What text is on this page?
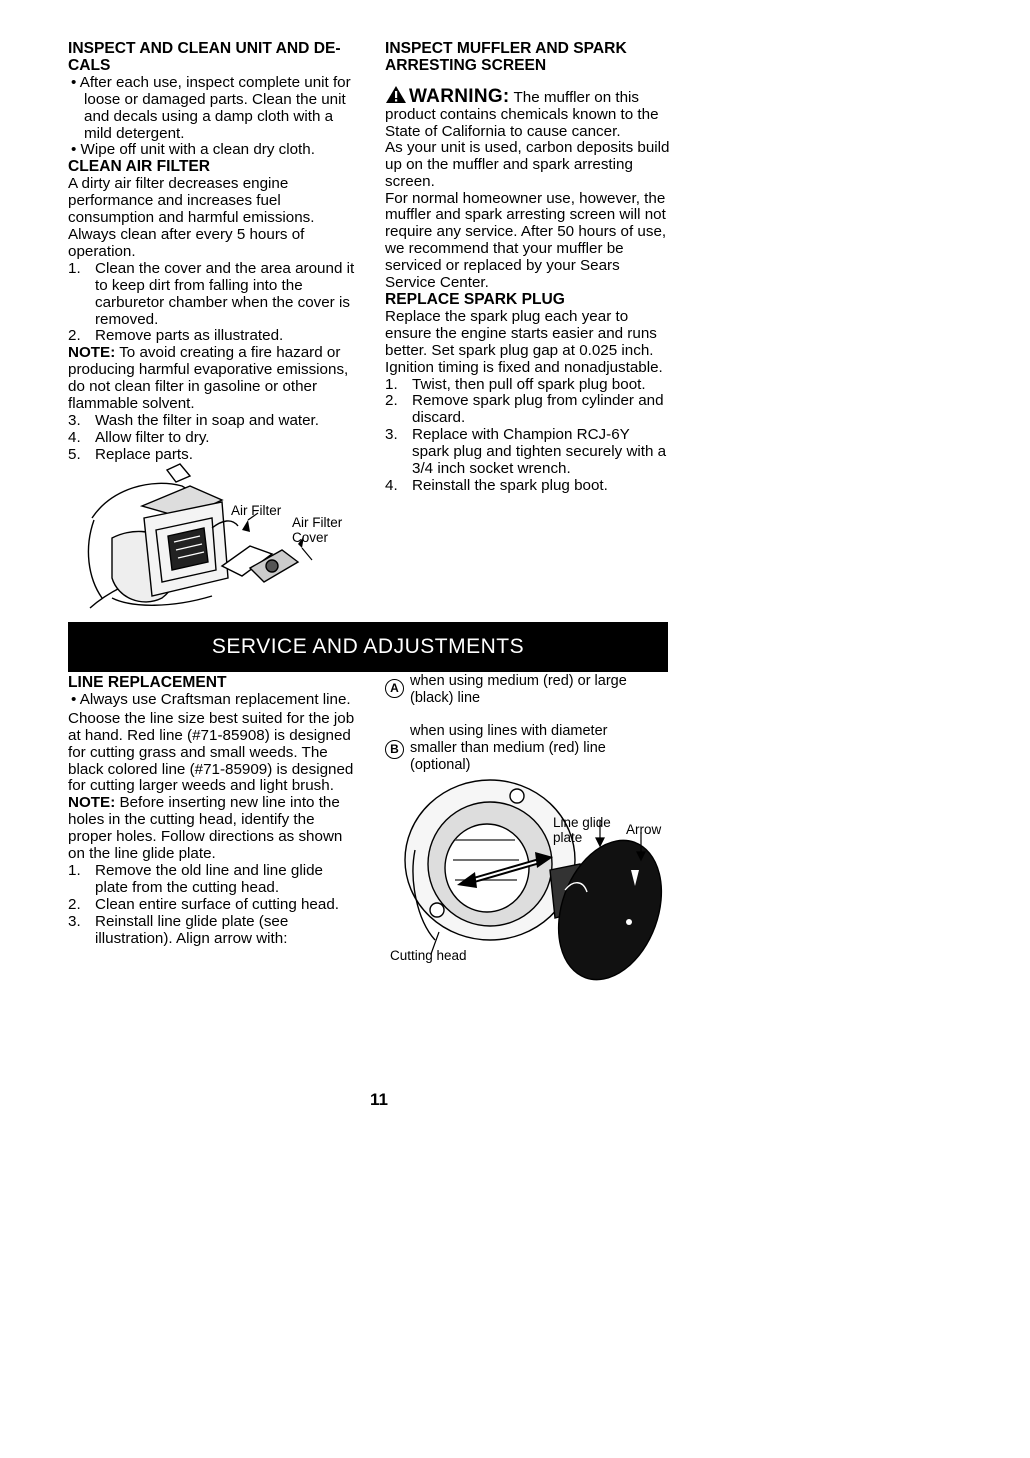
INSPECT AND CLEAN UNIT AND DE-
CALS

• After each use, inspect complete unit for loose or damaged parts. Clean the unit and decals using a damp cloth with a mild detergent.

• Wipe off unit with a clean dry cloth.

CLEAN AIR FILTER

A dirty air filter decreases engine performance and increases fuel consumption and harmful emissions. Always clean after every 5 hours of operation.

1. Clean the cover and the area around it to keep dirt from falling into the carburetor chamber when the cover is removed.
2. Remove parts as illustrated.

NOTE: To avoid creating a fire hazard or producing harmful evaporative emissions, do not clean filter in gasoline or other flammable solvent.

3. Wash the filter in soap and water.
4. Allow filter to dry.
5. Replace parts.
Air Filter
Air Filter
Cover
INSPECT MUFFLER AND SPARK
ARRESTING SCREEN

WARNING: The muffler on this product contains chemicals known to the State of California to cause cancer.

As your unit is used, carbon deposits build up on the muffler and spark arresting screen.

For normal homeowner use, however, the muffler and spark arresting screen will not require any service. After 50 hours of use, we recommend that your muffler be serviced or replaced by your Sears Service Center.

REPLACE SPARK PLUG

Replace the spark plug each year to ensure the engine starts easier and runs better. Set spark plug gap at 0.025 inch. Ignition timing is fixed and nonadjustable.

1. Twist, then pull off spark plug boot.
2. Remove spark plug from cylinder and discard.
3. Replace with Champion RCJ-6Y spark plug and tighten securely with a 3/4 inch socket wrench.
4. Reinstall the spark plug boot.
SERVICE AND ADJUSTMENTS
LINE REPLACEMENT

• Always use Craftsman replacement line.

Choose the line size best suited for the job at hand. Red line (#71-85908) is designed for cutting grass and small weeds. The black colored line (#71-85909) is designed for cutting larger weeds and light brush.

NOTE: Before inserting new line into the holes in the cutting head, identify the proper holes. Follow directions as shown on the line glide plate.

1. Remove the old line and line glide plate from the cutting head.
2. Clean entire surface of cutting head.
3. Reinstall line glide plate (see illustration). Align arrow with:
A when using medium (red) or large (black) line
B
when using lines with diameter smaller than medium (red) line (optional)
Line glide
plate
Arrow
Cutting head
11
